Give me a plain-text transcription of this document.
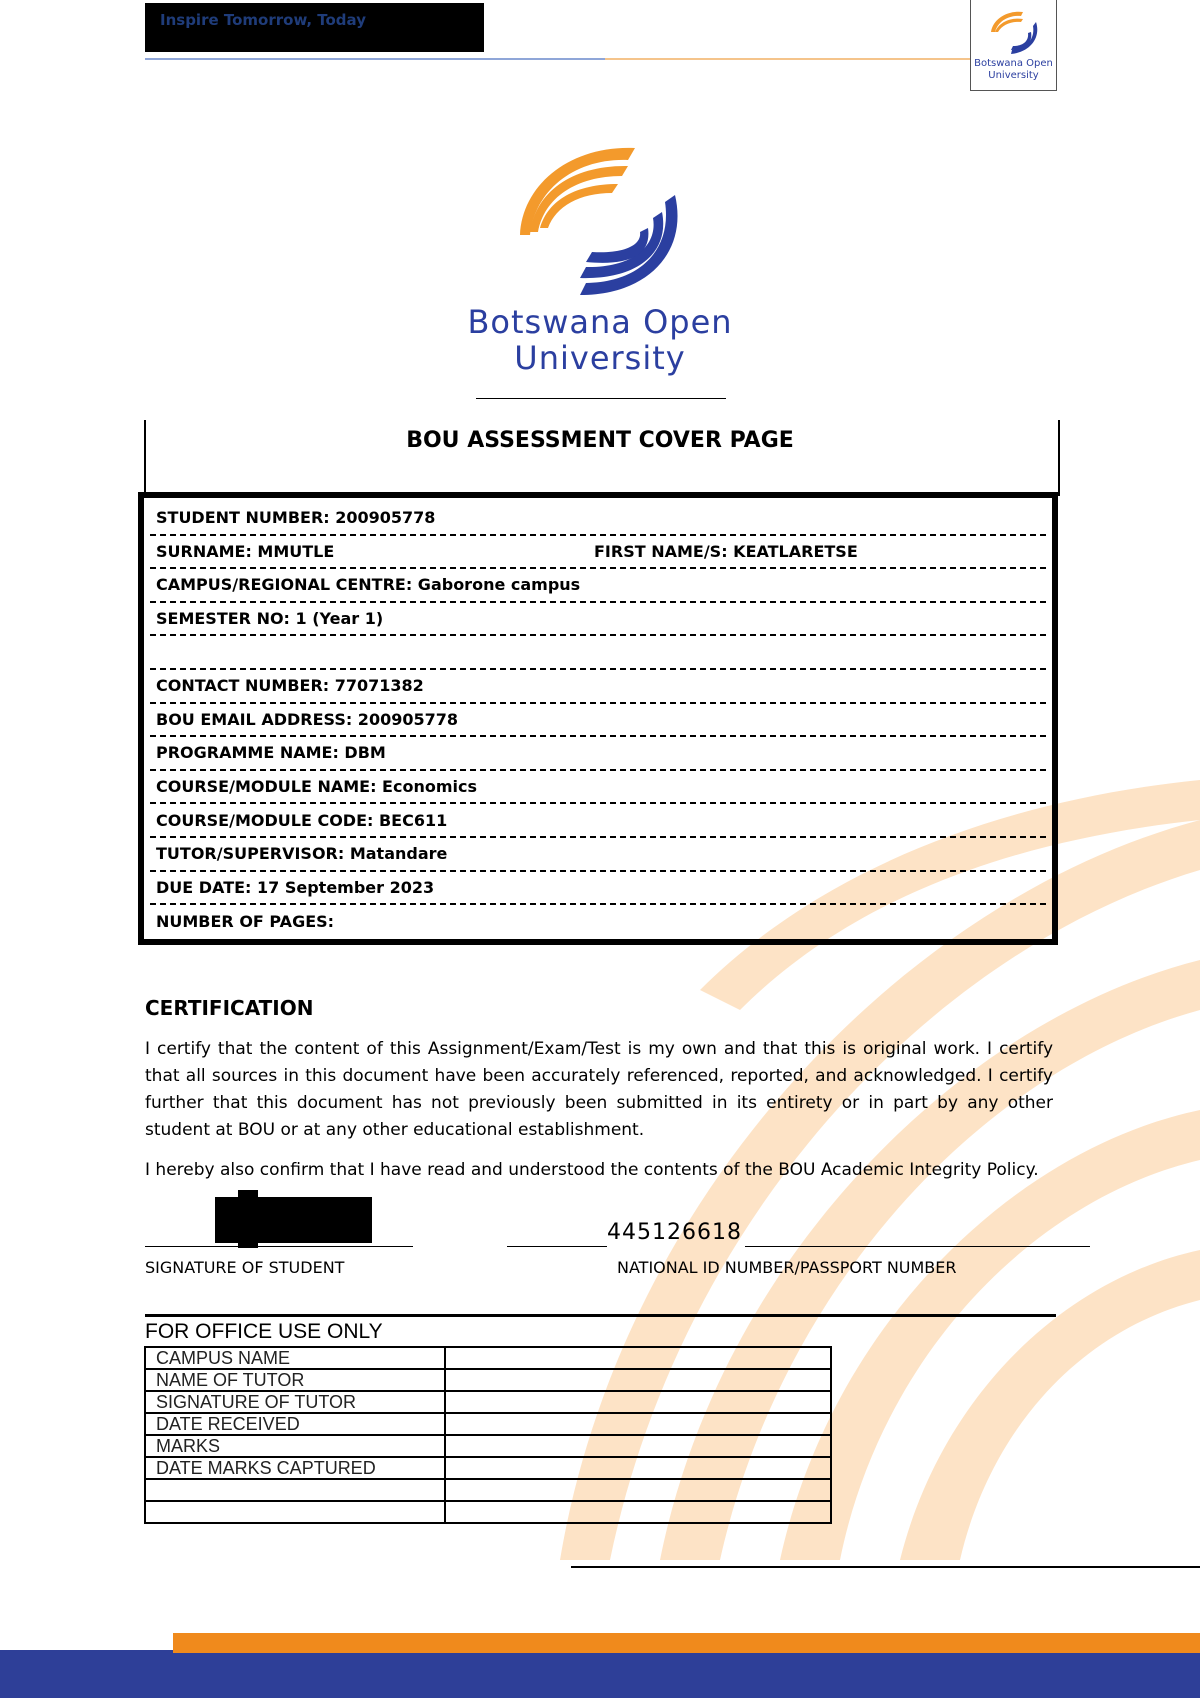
Inspire Tomorrow, Today
Botswana Open University
Botswana Open
University
BOU ASSESSMENT COVER PAGE
STUDENT NUMBER: 200905778
SURNAME: MMUTLE	FIRST NAME/S: KEATLARETSE
CAMPUS/REGIONAL CENTRE: Gaborone campus
SEMESTER NO: 1 (Year 1)
CONTACT NUMBER: 77071382
BOU EMAIL ADDRESS: 200905778
PROGRAMME NAME: DBM
COURSE/MODULE NAME: Economics
COURSE/MODULE CODE: BEC611
TUTOR/SUPERVISOR: Matandare
DUE DATE: 17 September 2023
NUMBER OF PAGES:
CERTIFICATION
I certify that the content of this Assignment/Exam/Test is my own and that this is original work. I certify that all sources in this document have been accurately referenced, reported, and acknowledged. I certify further that this document has not previously been submitted in its entirety or in part by any other student at BOU or at any other educational establishment.
I hereby also confirm that I have read and understood the contents of the BOU Academic Integrity Policy.
SIGNATURE OF STUDENT
445126618
NATIONAL ID NUMBER/PASSPORT NUMBER
FOR OFFICE USE ONLY
CAMPUS NAME	
NAME OF TUTOR	
SIGNATURE OF TUTOR	
DATE RECEIVED	
MARKS	
DATE MARKS CAPTURED	
